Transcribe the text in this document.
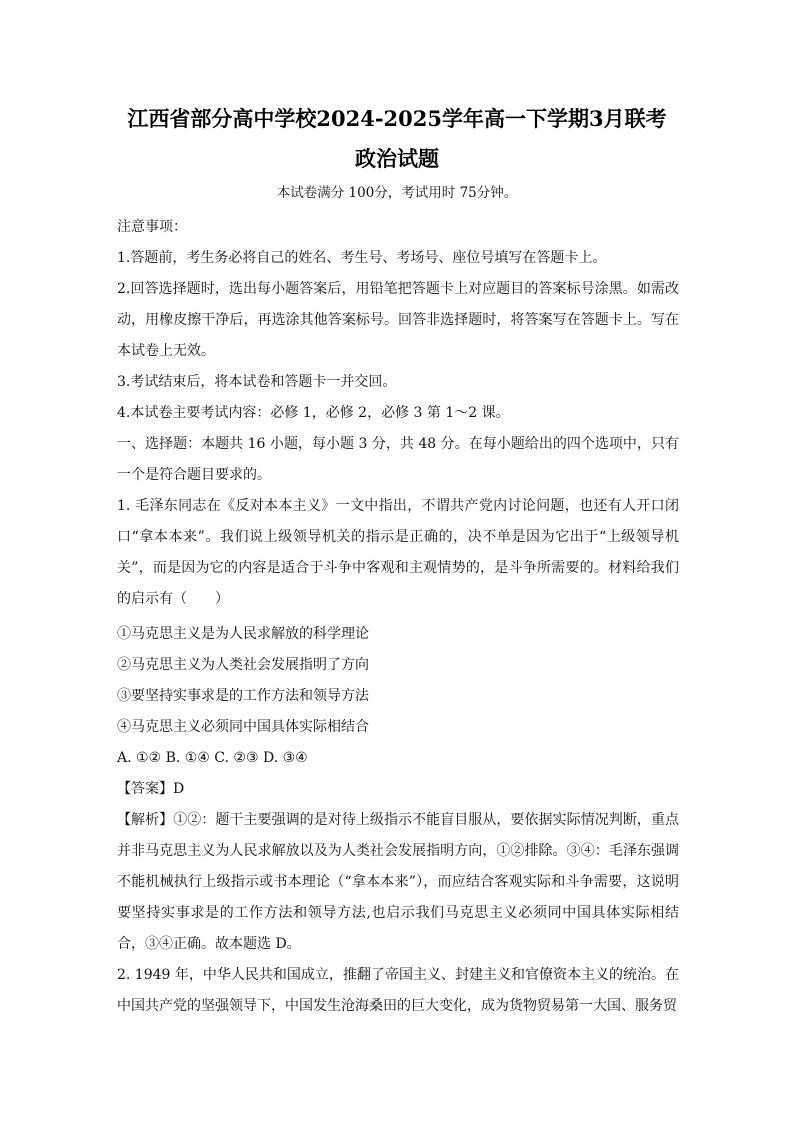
江西省部分高中学校2024-2025学年高一下学期3月联考
政治试题
本试卷满分 100分，考试用时 75分钟。
注意事项：
1.答题前，考生务必将自己的姓名、考生号、考场号、座位号填写在答题卡上。
2.回答选择题时，选出每小题答案后，用铅笔把答题卡上对应题目的答案标号涂黑。如需改动，用橡皮擦干净后，再选涂其他答案标号。回答非选择题时，将答案写在答题卡上。写在本试卷上无效。
3.考试结束后，将本试卷和答题卡一并交回。
4.本试卷主要考试内容：必修 1，必修 2，必修 3 第 1～2 课。
一、选择题：本题共 16 小题，每小题 3 分，共 48 分。在每小题给出的四个选项中，只有一个是符合题目要求的。
1. 毛泽东同志在《反对本本主义》一文中指出，不谓共产党内讨论问题，也还有人开口闭口“拿本本来”。我们说上级领导机关的指示是正确的，决不单是因为它出于“上级领导机关”，而是因为它的内容是适合于斗争中客观和主观情势的，是斗争所需要的。材料给我们的启示有（　　）
①马克思主义是为人民求解放的科学理论
②马克思主义为人类社会发展指明了方向
③要坚持实事求是的工作方法和领导方法
④马克思主义必须同中国具体实际相结合
A. ①② B. ①④ C. ②③ D. ③④
【答案】D
【解析】①②：题干主要强调的是对待上级指示不能盲目服从，要依据实际情况判断，重点并非马克思主义为人民求解放以及为人类社会发展指明方向，①②排除。③④：毛泽东强调不能机械执行上级指示或书本理论（“拿本本来”），而应结合客观实际和斗争需要，这说明要坚持实事求是的工作方法和领导方法,也启示我们马克思主义必须同中国具体实际相结合，③④正确。故本题选 D。
2. 1949 年，中华人民共和国成立，推翻了帝国主义、封建主义和官僚资本主义的统治。在中国共产党的坚强领导下，中国发生沧海桑田的巨大变化，成为货物贸易第一大国、服务贸
